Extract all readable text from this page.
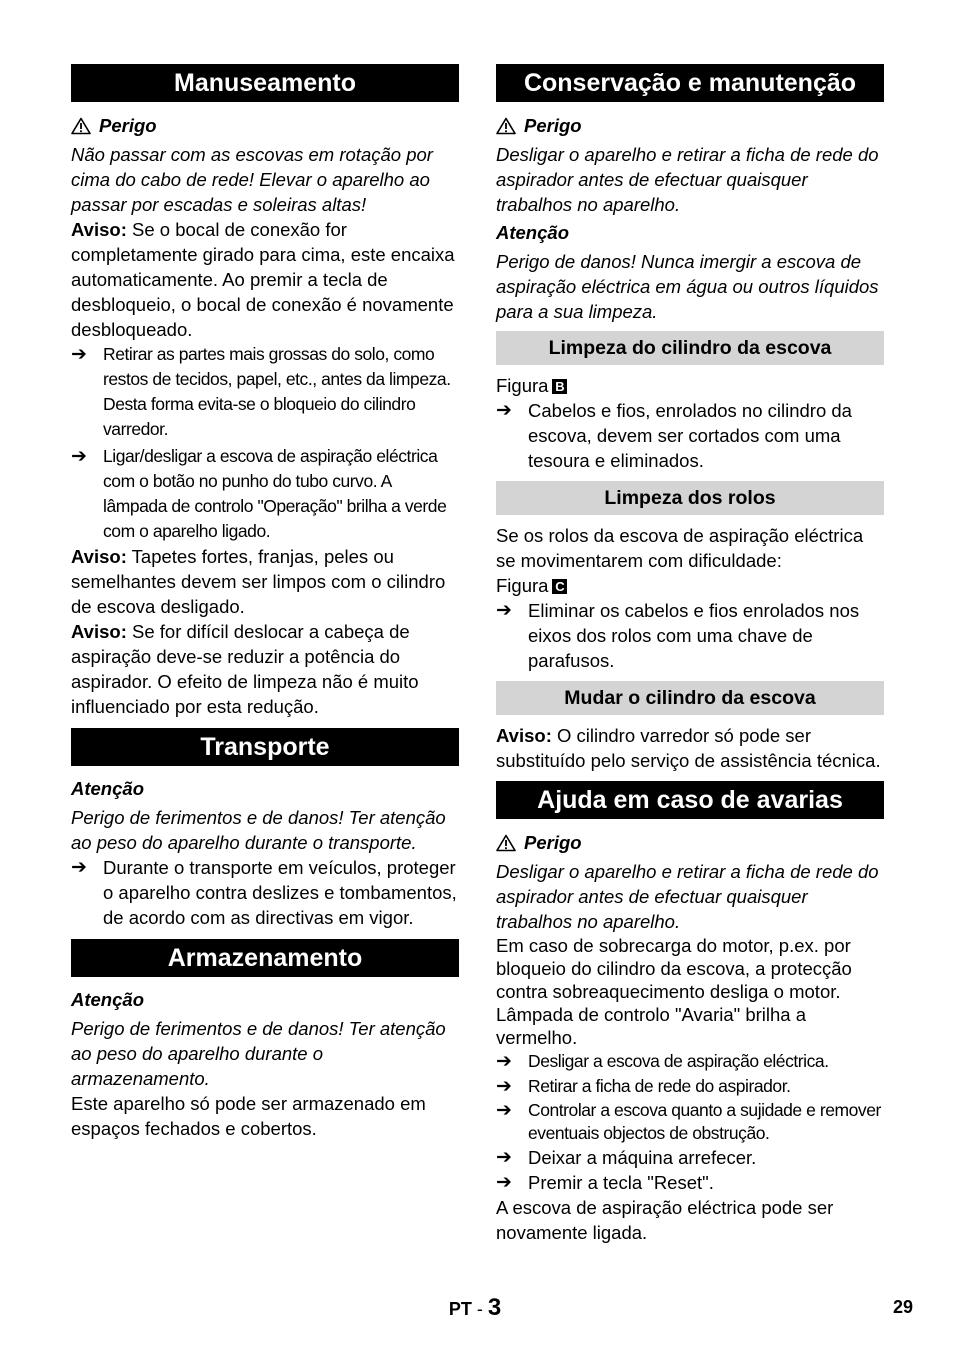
Manuseamento
Perigo

Não passar com as escovas em rotação por cima do cabo de rede! Elevar o aparelho ao passar por escadas e soleiras altas!

Aviso: Se o bocal de conexão for completamente girado para cima, este encaixa automaticamente. Ao premir a tecla de desbloqueio, o bocal de conexão é novamente desbloqueado.

➔ Retirar as partes mais grossas do solo, como restos de tecidos, papel, etc., antes da limpeza. Desta forma evita-se o bloqueio do cilindro varredor.
➔ Ligar/desligar a escova de aspiração eléctrica com o botão no punho do tubo curvo. A lâmpada de controlo "Operação" brilha a verde com o aparelho ligado.

Aviso: Tapetes fortes, franjas, peles ou semelhantes devem ser limpos com o cilindro de escova desligado.

Aviso: Se for difícil deslocar a cabeça de aspiração deve-se reduzir a potência do aspirador. O efeito de limpeza não é muito influenciado por esta redução.

Transporte

Atenção

Perigo de ferimentos e de danos! Ter atenção ao peso do aparelho durante o transporte.

➔ Durante o transporte em veículos, proteger o aparelho contra deslizes e tombamentos, de acordo com as directivas em vigor.
Armazenamento

Atenção

Perigo de ferimentos e de danos! Ter atenção ao peso do aparelho durante o armazenamento.

Este aparelho só pode ser armazenado em espaços fechados e cobertos.

Conservação e manutenção
Perigo

Desligar o aparelho e retirar a ficha de rede do aspirador antes de efectuar quaisquer trabalhos no aparelho.

Atenção

Perigo de danos! Nunca imergir a escova de aspiração eléctrica em água ou outros líquidos para a sua limpeza.

Limpeza do cilindro da escova

Figura B

➔ Cabelos e fios, enrolados no cilindro da escova, devem ser cortados com uma tesoura e eliminados.
Limpeza dos rolos

Se os rolos da escova de aspiração eléctrica se movimentarem com dificuldade:

Figura C

➔ Eliminar os cabelos e fios enrolados nos eixos dos rolos com uma chave de parafusos.
Mudar o cilindro da escova

Aviso: O cilindro varredor só pode ser substituído pelo serviço de assistência técnica.

Ajuda em caso de avarias
Perigo

Desligar o aparelho e retirar a ficha de rede do aspirador antes de efectuar quaisquer trabalhos no aparelho.

Em caso de sobrecarga do motor, p.ex. por bloqueio do cilindro da escova, a protecção contra sobreaquecimento desliga o motor. Lâmpada de controlo "Avaria" brilha a vermelho.

➔ Desligar a escova de aspiração eléctrica.
➔ Retirar a ficha de rede do aspirador.
➔ Controlar a escova quanto a sujidade e remover eventuais objectos de obstrução.
➔ Deixar a máquina arrefecer.
➔ Premir a tecla "Reset".

A escova de aspiração eléctrica pode ser novamente ligada.

PT - 3	29
